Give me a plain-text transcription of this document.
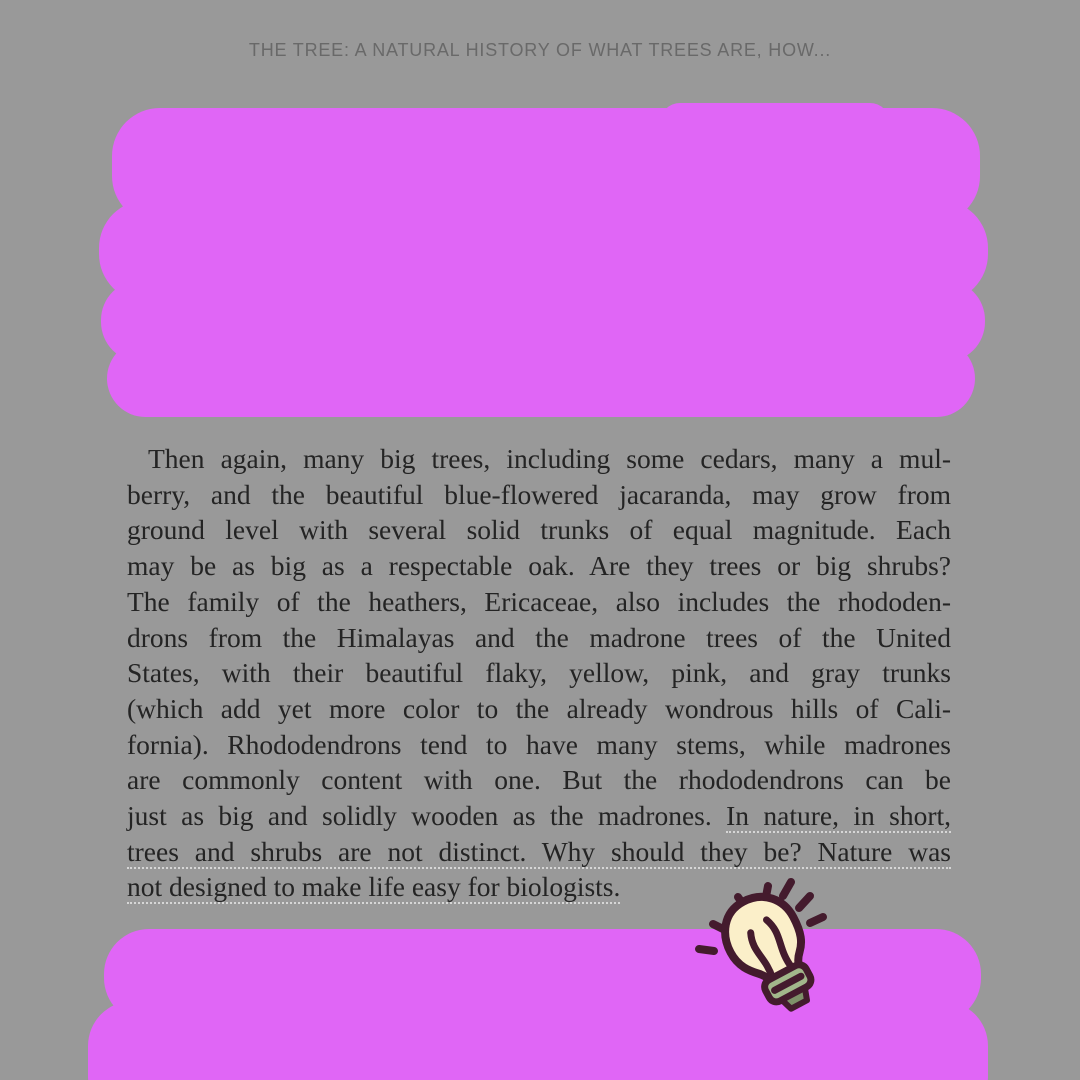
THE TREE: A NATURAL HISTORY OF WHAT TREES ARE, HOW...
Then again, many big trees, including some cedars, many a mul-
berry, and the beautiful blue-flowered jacaranda, may grow from
ground level with several solid trunks of equal magnitude. Each
may be as big as a respectable oak. Are they trees or big shrubs?
The family of the heathers, Ericaceae, also includes the rhododen-
drons from the Himalayas and the madrone trees of the United
States, with their beautiful flaky, yellow, pink, and gray trunks
(which add yet more color to the already wondrous hills of Cali-
fornia). Rhododendrons tend to have many stems, while madrones
are commonly content with one. But the rhododendrons can be
just as big and solidly wooden as the madrones. In nature, in short,
trees and shrubs are not distinct. Why should they be? Nature was
not designed to make life easy for biologists.
